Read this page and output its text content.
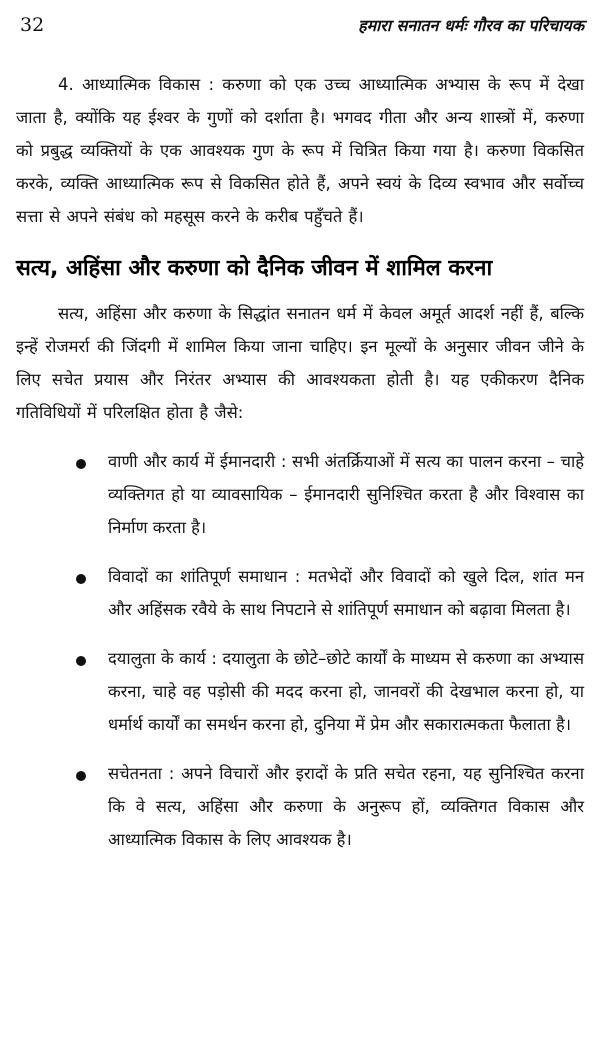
32	हमारा सनातन धर्मः गौरव का परिचायक

4. आध्यात्मिक विकास : करुणा को एक उच्च आध्यात्मिक अभ्यास के रूप में देखा जाता है, क्योंकि यह ईश्वर के गुणों को दर्शाता है। भगवद गीता और अन्य शास्त्रों में, करुणा को प्रबुद्ध व्यक्तियों के एक आवश्यक गुण के रूप में चित्रित किया गया है। करुणा विकसित करके, व्यक्ति आध्यात्मिक रूप से विकसित होते हैं, अपने स्वयं के दिव्य स्वभाव और सर्वोच्च सत्ता से अपने संबंध को महसूस करने के करीब पहुँचते हैं।

सत्य, अहिंसा और करुणा को दैनिक जीवन में शामिल करना

सत्य, अहिंसा और करुणा के सिद्धांत सनातन धर्म में केवल अमूर्त आदर्श नहीं हैं, बल्कि इन्हें रोजमर्रा की जिंदगी में शामिल किया जाना चाहिए। इन मूल्यों के अनुसार जीवन जीने के लिए सचेत प्रयास और निरंतर अभ्यास की आवश्यकता होती है। यह एकीकरण दैनिक गतिविधियों में परिलक्षित होता है जैसे:

वाणी और कार्य में ईमानदारी : सभी अंतर्क्रियाओं में सत्य का पालन करना – चाहे व्यक्तिगत हो या व्यावसायिक – ईमानदारी सुनिश्चित करता है और विश्वास का निर्माण करता है।
विवादों का शांतिपूर्ण समाधान : मतभेदों और विवादों को खुले दिल, शांत मन और अहिंसक रवैये के साथ निपटाने से शांतिपूर्ण समाधान को बढ़ावा मिलता है।
दयालुता के कार्य : दयालुता के छोटे–छोटे कार्यों के माध्यम से करुणा का अभ्यास करना, चाहे वह पड़ोसी की मदद करना हो, जानवरों की देखभाल करना हो, या धर्मार्थ कार्यों का समर्थन करना हो, दुनिया में प्रेम और सकारात्मकता फैलाता है।
सचेतनता : अपने विचारों और इरादों के प्रति सचेत रहना, यह सुनिश्चित करना कि वे सत्य, अहिंसा और करुणा के अनुरूप हों, व्यक्तिगत विकास और आध्यात्मिक विकास के लिए आवश्यक है।
